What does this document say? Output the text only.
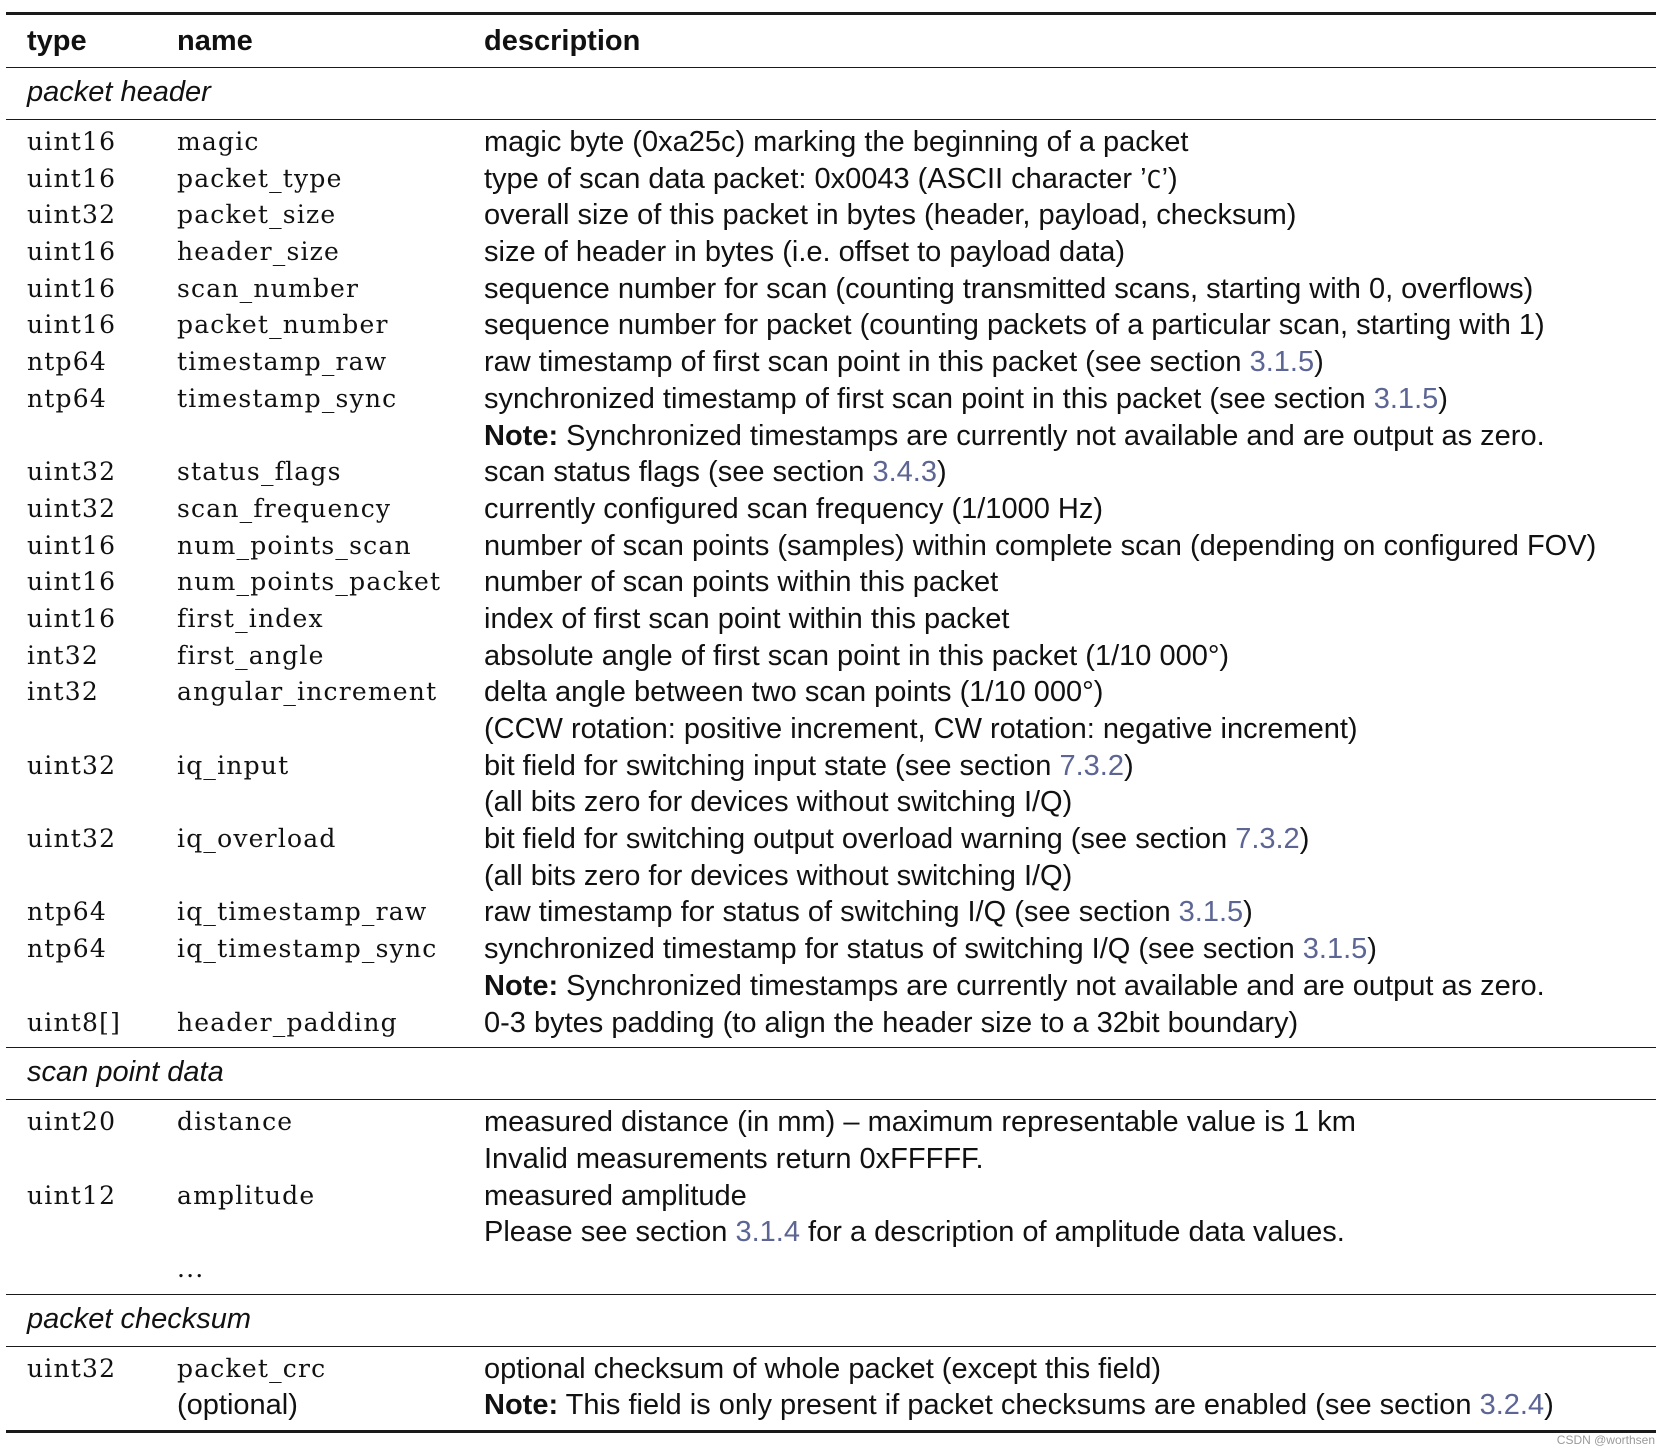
type	name	description
packet header
uint16 magic	magic byte (0xa25c) marking the beginning of a packet
uint16 packet_type	type of scan data packet: 0x0043 (ASCII character ’C’)
uint32 packet_size	overall size of this packet in bytes (header, payload, checksum)
uint16 header_size	size of header in bytes (i.e. offset to payload data)
uint16 scan_number	sequence number for scan (counting transmitted scans, starting with 0, overflows)
uint16 packet_number	sequence number for packet (counting packets of a particular scan, starting with 1)
ntp64	timestamp_raw	raw timestamp of first scan point in this packet (see section 3.1.5)
ntp64	timestamp_sync	synchronized timestamp of first scan point in this packet (see section 3.1.5)
Note: Synchronized timestamps are currently not available and are output as zero.
uint32 status_flags	scan status flags (see section 3.4.3)
uint32 scan_frequency	currently configured scan frequency (1/1000 Hz)
uint16 num_points_scan number of scan points (samples) within complete scan (depending on configured FOV)
uint16 num_points_packet number of scan points within this packet
uint16 first_index	index of first scan point within this packet
int32	first_angle	absolute angle of first scan point in this packet (1/10 000°)
int32	angular_increment delta angle between two scan points (1/10 000°)
(CCW rotation: positive increment, CW rotation: negative increment)
uint32 iq_input	bit field for switching input state (see section 7.3.2)
(all bits zero for devices without switching I/Q)
uint32 iq_overload	bit field for switching output overload warning (see section 7.3.2)
(all bits zero for devices without switching I/Q)
ntp64	iq_timestamp_raw raw timestamp for status of switching I/Q (see section 3.1.5)
ntp64	iq_timestamp_sync synchronized timestamp for status of switching I/Q (see section 3.1.5)
Note: Synchronized timestamps are currently not available and are output as zero.
uint8[] header_padding	0-3 bytes padding (to align the header size to a 32bit boundary)
scan point data
uint20 distance	measured distance (in mm) – maximum representable value is 1 km
Invalid measurements return 0xFFFFF.
uint12 amplitude	measured amplitude
Please see section 3.1.4 for a description of amplitude data values.
...
packet checksum
uint32 packet_crc	optional checksum of whole packet (except this field)
(optional)	Note: This field is only present if packet checksums are enabled (see section 3.2.4)
CSDN @worthsen
